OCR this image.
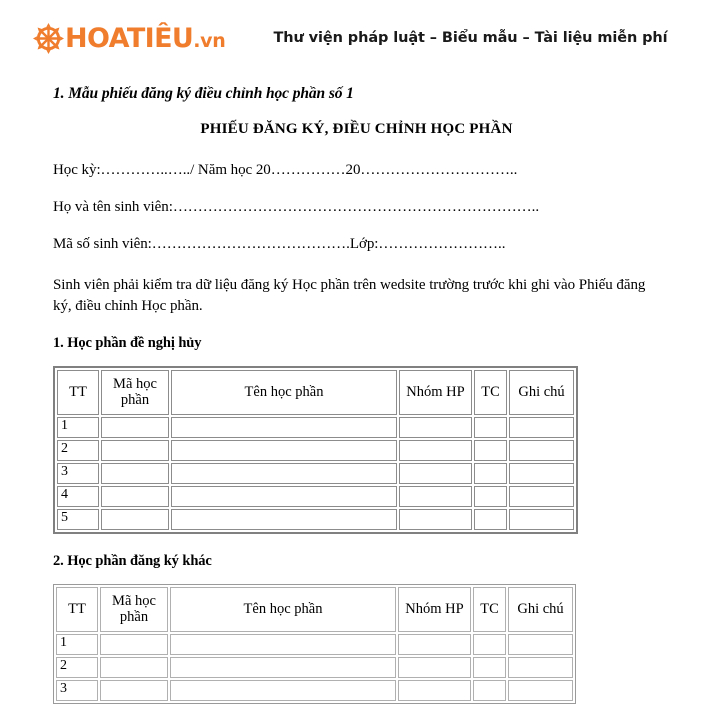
HOATIÊU.vn	Thư viện pháp luật – Biểu mẫu – Tài liệu miễn phí
1. Mẫu phiếu đăng ký điều chỉnh học phần số 1
PHIẾU ĐĂNG KÝ, ĐIỀU CHỈNH HỌC PHẦN
Học kỳ:…………..…../ Năm học 20……………20…………………………..
Họ và tên sinh viên:………………………………………………………………..
Mã số sinh viên:………………………………….Lớp:……………………..
Sinh viên phải kiểm tra dữ liệu đăng ký Học phần trên wedsite trường trước khi ghi vào Phiếu đăng ký, điều chỉnh Học phần.
1. Học phần đề nghị hủy
TT	Mã học phần	Tên học phần	Nhóm HP	TC	Ghi chú
1					
2					
3					
4					
5					
2. Học phần đăng ký khác
TT	Mã học phần	Tên học phần	Nhóm HP	TC	Ghi chú
1					
2					
3					
